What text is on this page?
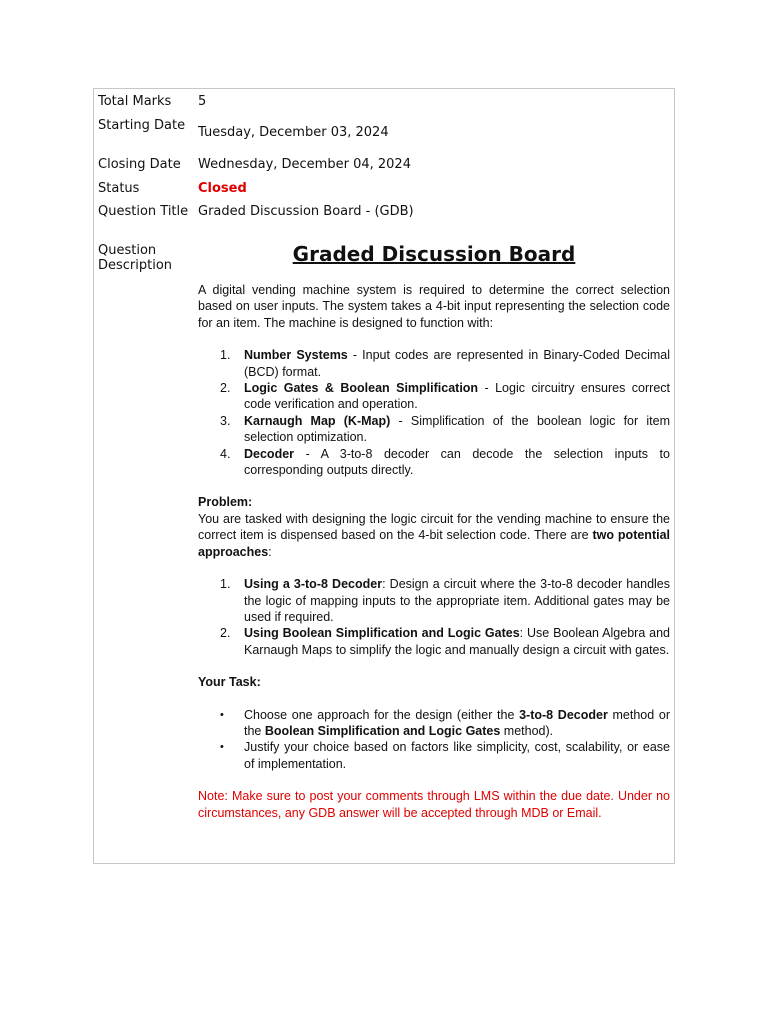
Total Marks	5
Starting Date Tuesday, December 03, 2024
Closing Date	Wednesday, December 04, 2024
Status	Closed
Question Title Graded Discussion Board - (GDB)
Question Description	Graded Discussion Board

A digital vending machine system is required to determine the correct selection based on user inputs. The system takes a 4-bit input representing the selection code for an item. The machine is designed to function with:

1. Number Systems - Input codes are represented in Binary-Coded Decimal (BCD) format.
2. Logic Gates & Boolean Simplification - Logic circuitry ensures correct code verification and operation.
3. Karnaugh Map (K-Map) - Simplification of the boolean logic for item selection optimization.
4. Decoder - A 3-to-8 decoder can decode the selection inputs to corresponding outputs directly.

Problem:

You are tasked with designing the logic circuit for the vending machine to ensure the correct item is dispensed based on the 4-bit selection code. There are two potential approaches:

1. Using a 3-to-8 Decoder: Design a circuit where the 3-to-8 decoder handles the logic of mapping inputs to the appropriate item. Additional gates may be used if required.
2. Using Boolean Simplification and Logic Gates: Use Boolean Algebra and Karnaugh Maps to simplify the logic and manually design a circuit with gates.

Your Task:

• Choose one approach for the design (either the 3-to-8 Decoder method or the Boolean Simplification and Logic Gates method).
• Justify your choice based on factors like simplicity, cost, scalability, or ease of implementation.

Note: Make sure to post your comments through LMS within the due date. Under no circumstances, any GDB answer will be accepted through MDB or Email.
